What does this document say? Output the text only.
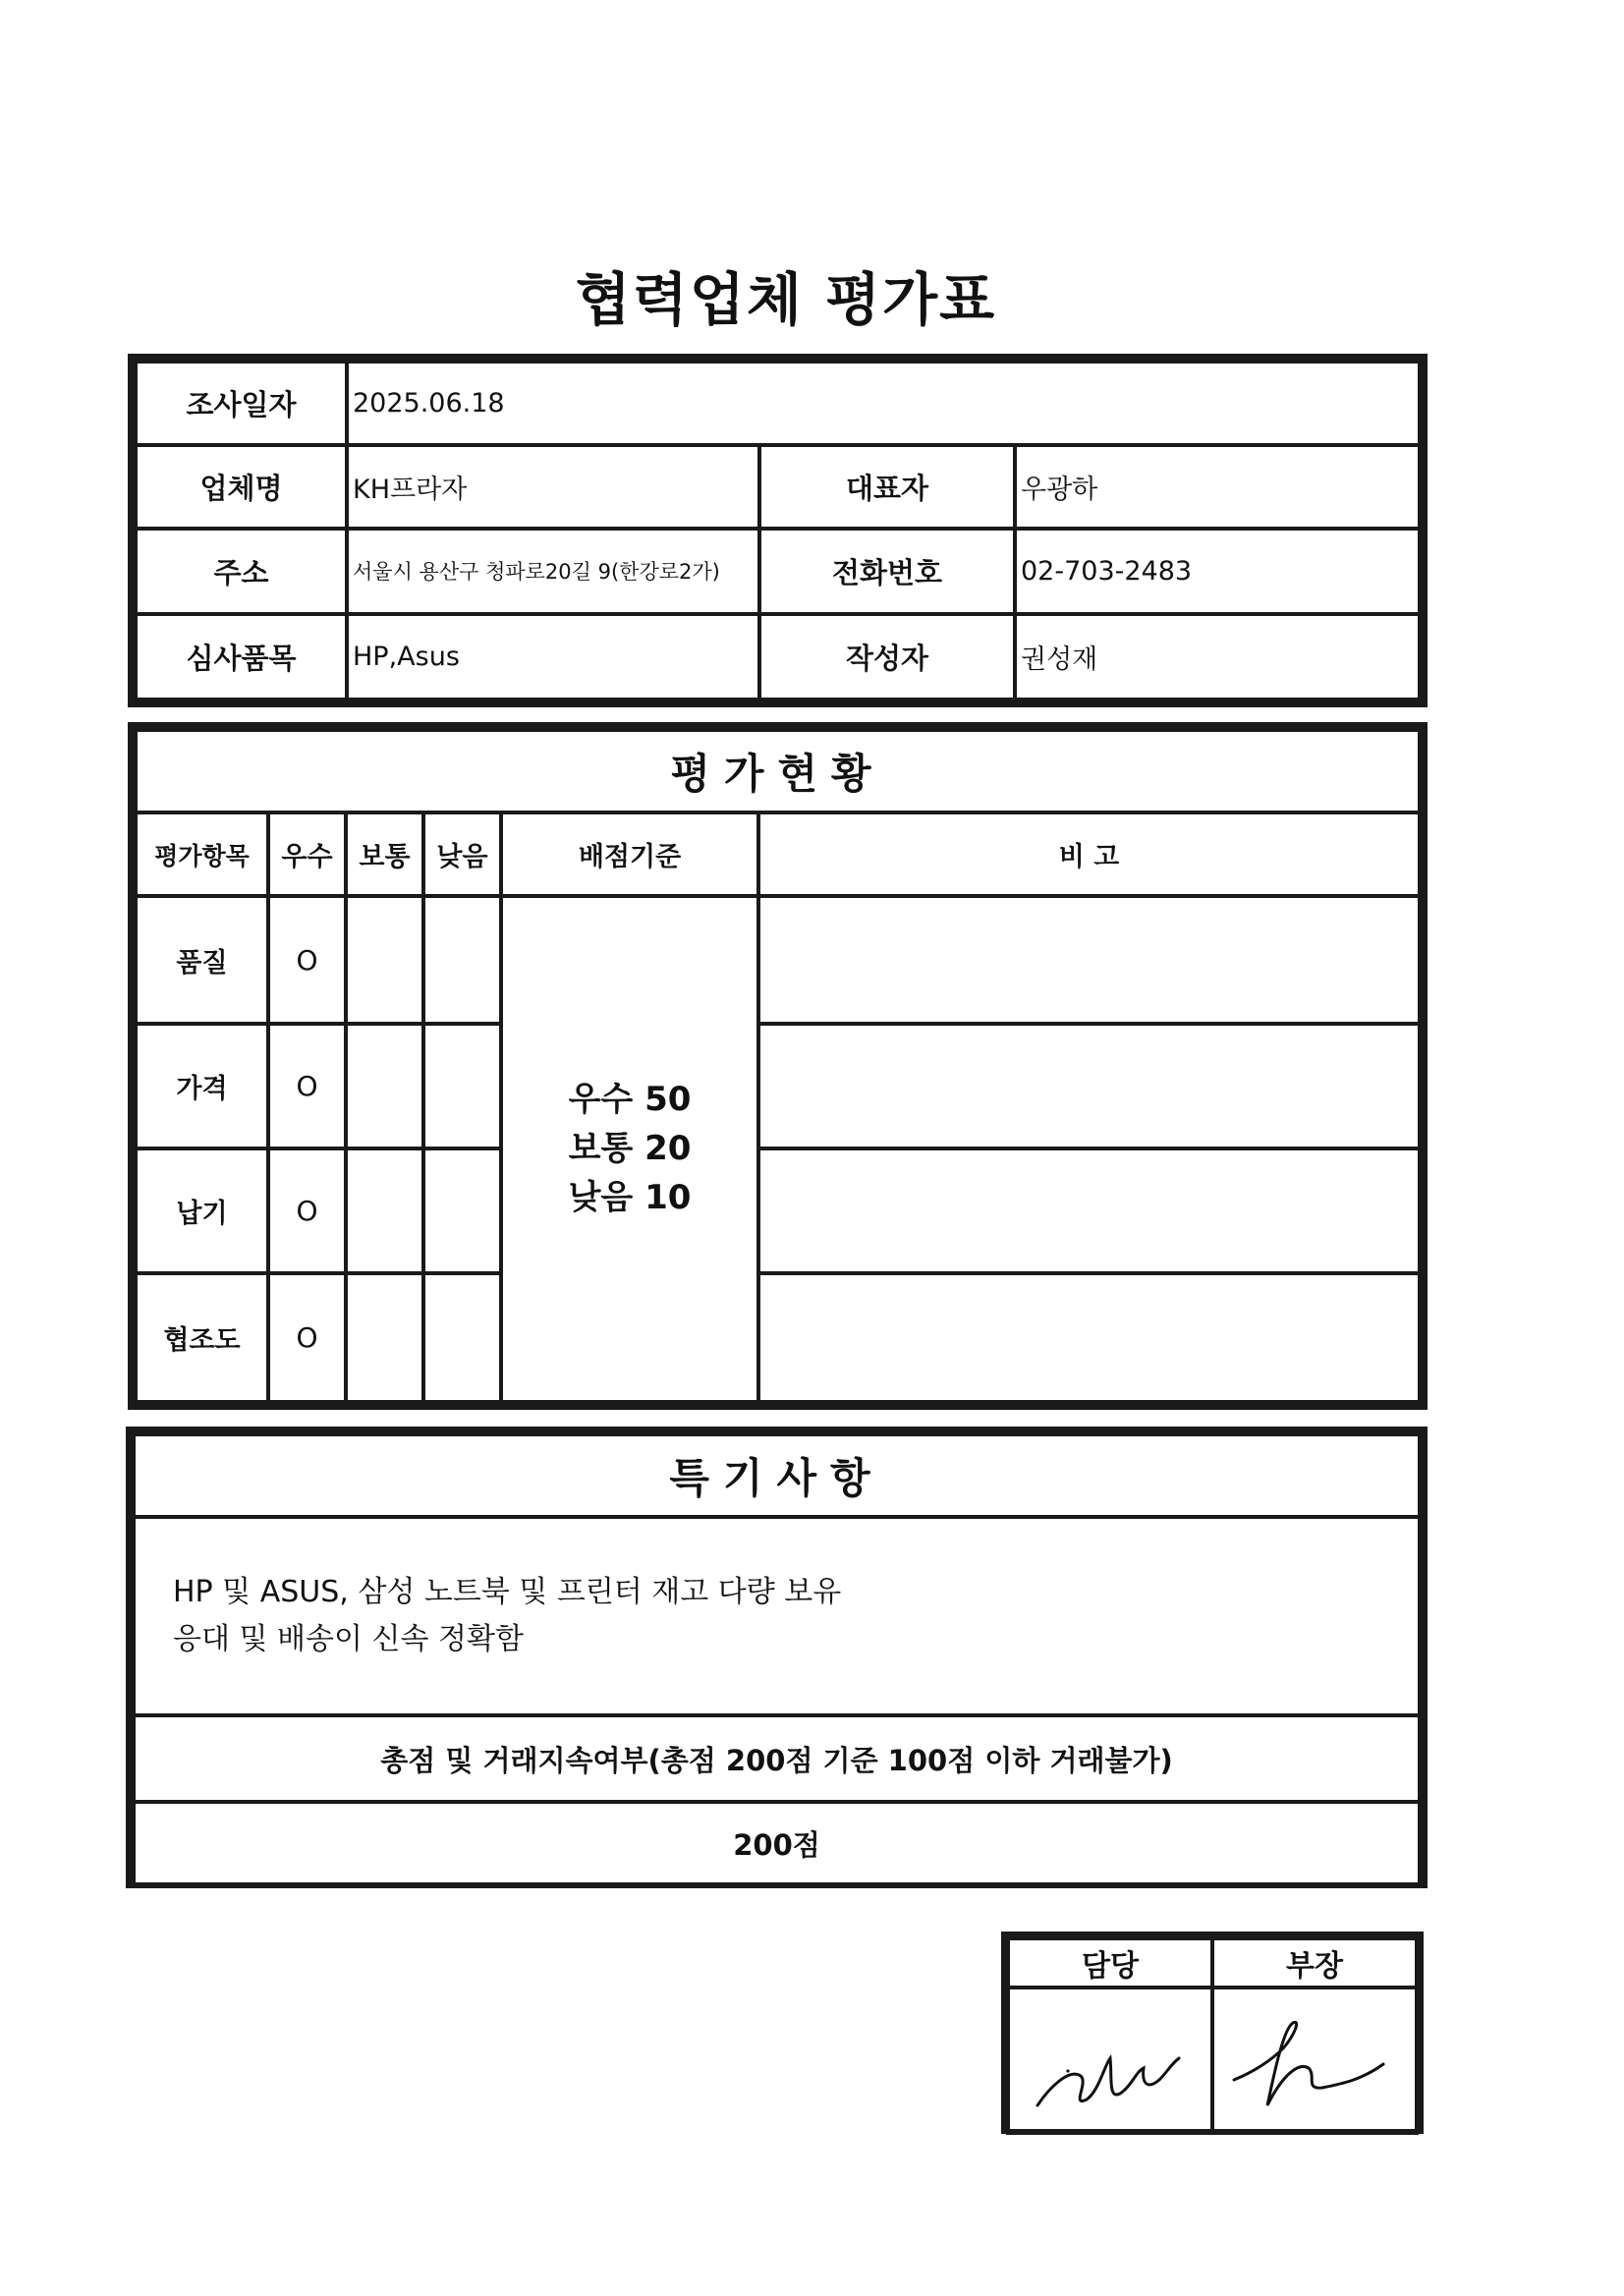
협력업체 평가표
조사일자	2025.06.18		
업체명	KH프라자	대표자	우광하
주소	서울시 용산구 청파로20길 9(한강로2가)	전화번호	02-703-2483
심사품목	HP,Asus	작성자	권성재
평가현황					
평가항목	우수	보통	낮음	배점기준	비 고
품질	O			우수 50
보통 20
낮음 10	

가격	O				
납기	O				
협조도	O				
특기사항

HP 및 ASUS, 삼성 노트북 및 프린터 재고 다량 보유
응대 및 배송이 신속 정확함

총점 및 거래지속여부(총점 200점 기준 100점 이하 거래불가)
200점
담당	부장
